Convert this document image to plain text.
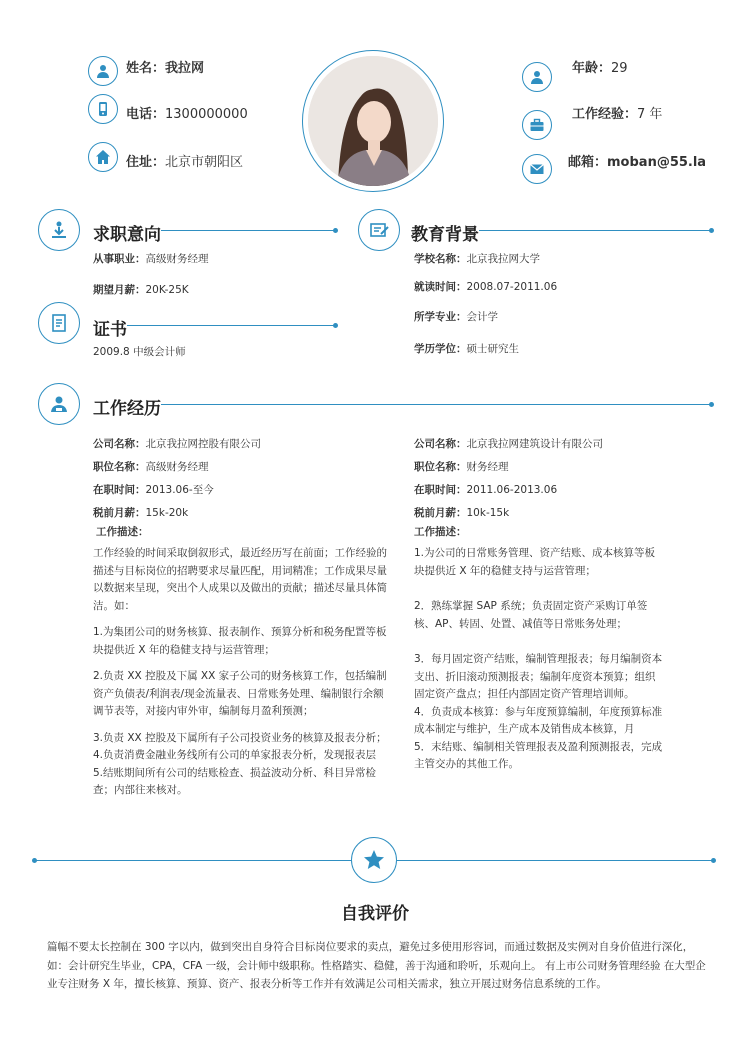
姓名：我拉网
电话：1300000000
住址：北京市朝阳区
年龄：29
工作经验：7 年
邮箱：moban@55.la
求职意向
从事职业：高级财务经理
期望月薪：20K-25K
教育背景
学校名称：北京我拉网大学
就读时间：2008.07-2011.06
所学专业：会计学
学历学位：硕士研究生
证书
2009.8 中级会计师
工作经历
公司名称：北京我拉网控股有限公司
职位名称：高级财务经理
在职时间：2013.06-至今
税前月薪：15k-20k
工作描述：
工作经验的时间采取倒叙形式，最近经历写在前面；工作经验的描述与目标岗位的招聘要求尽量匹配，用词精准；工作成果尽量以数据来呈现，突出个人成果以及做出的贡献；描述尽量具体简洁。如：
1.为集团公司的财务核算、报表制作、预算分析和税务配置等板块提供近 X 年的稳健支持与运营管理；
2.负责 XX 控股及下属 XX 家子公司的财务核算工作，包括编制资产负债表/利润表/现金流量表、日常账务处理、编制银行余额调节表等，对接内审外审，编制每月盈利预测；
3.负责 XX 控股及下属所有子公司投资业务的核算及报表分析；
4.负责消费金融业务线所有公司的单家报表分析，发现报表层
5.结账期间所有公司的结账检查、损益波动分析、科目异常检查；内部往来核对。
公司名称：北京我拉网建筑设计有限公司
职位名称：财务经理
在职时间：2011.06-2013.06
税前月薪：10k-15k
工作描述：
1.为公司的日常账务管理、资产结账、成本核算等板块提供近 X 年的稳健支持与运营管理；
2．熟练掌握 SAP 系统；负责固定资产采购订单签核、AP、转固、处置、减值等日常账务处理；
3．每月固定资产结账，编制管理报表；每月编制资本支出、折旧滚动预测报表；编制年度资本预算；组织固定资产盘点；担任内部固定资产管理培训师。
4．负责成本核算：参与年度预算编制，年度预算标准成本制定与维护，生产成本及销售成本核算，月
5．末结账、编制相关管理报表及盈利预测报表，完成主管交办的其他工作。
自我评价
篇幅不要太长控制在 300 字以内，做到突出自身符合目标岗位要求的卖点，避免过多使用形容词，而通过数据及实例对自身价值进行深化，如：会计研究生毕业，CPA，CFA 一级，会计师中级职称。性格踏实、稳健，善于沟通和聆听，乐观向上。 有上市公司财务管理经验 在大型企业专注财务 X 年，擅长核算、预算、资产、报表分析等工作并有效满足公司相关需求，独立开展过财务信息系统的工作。
